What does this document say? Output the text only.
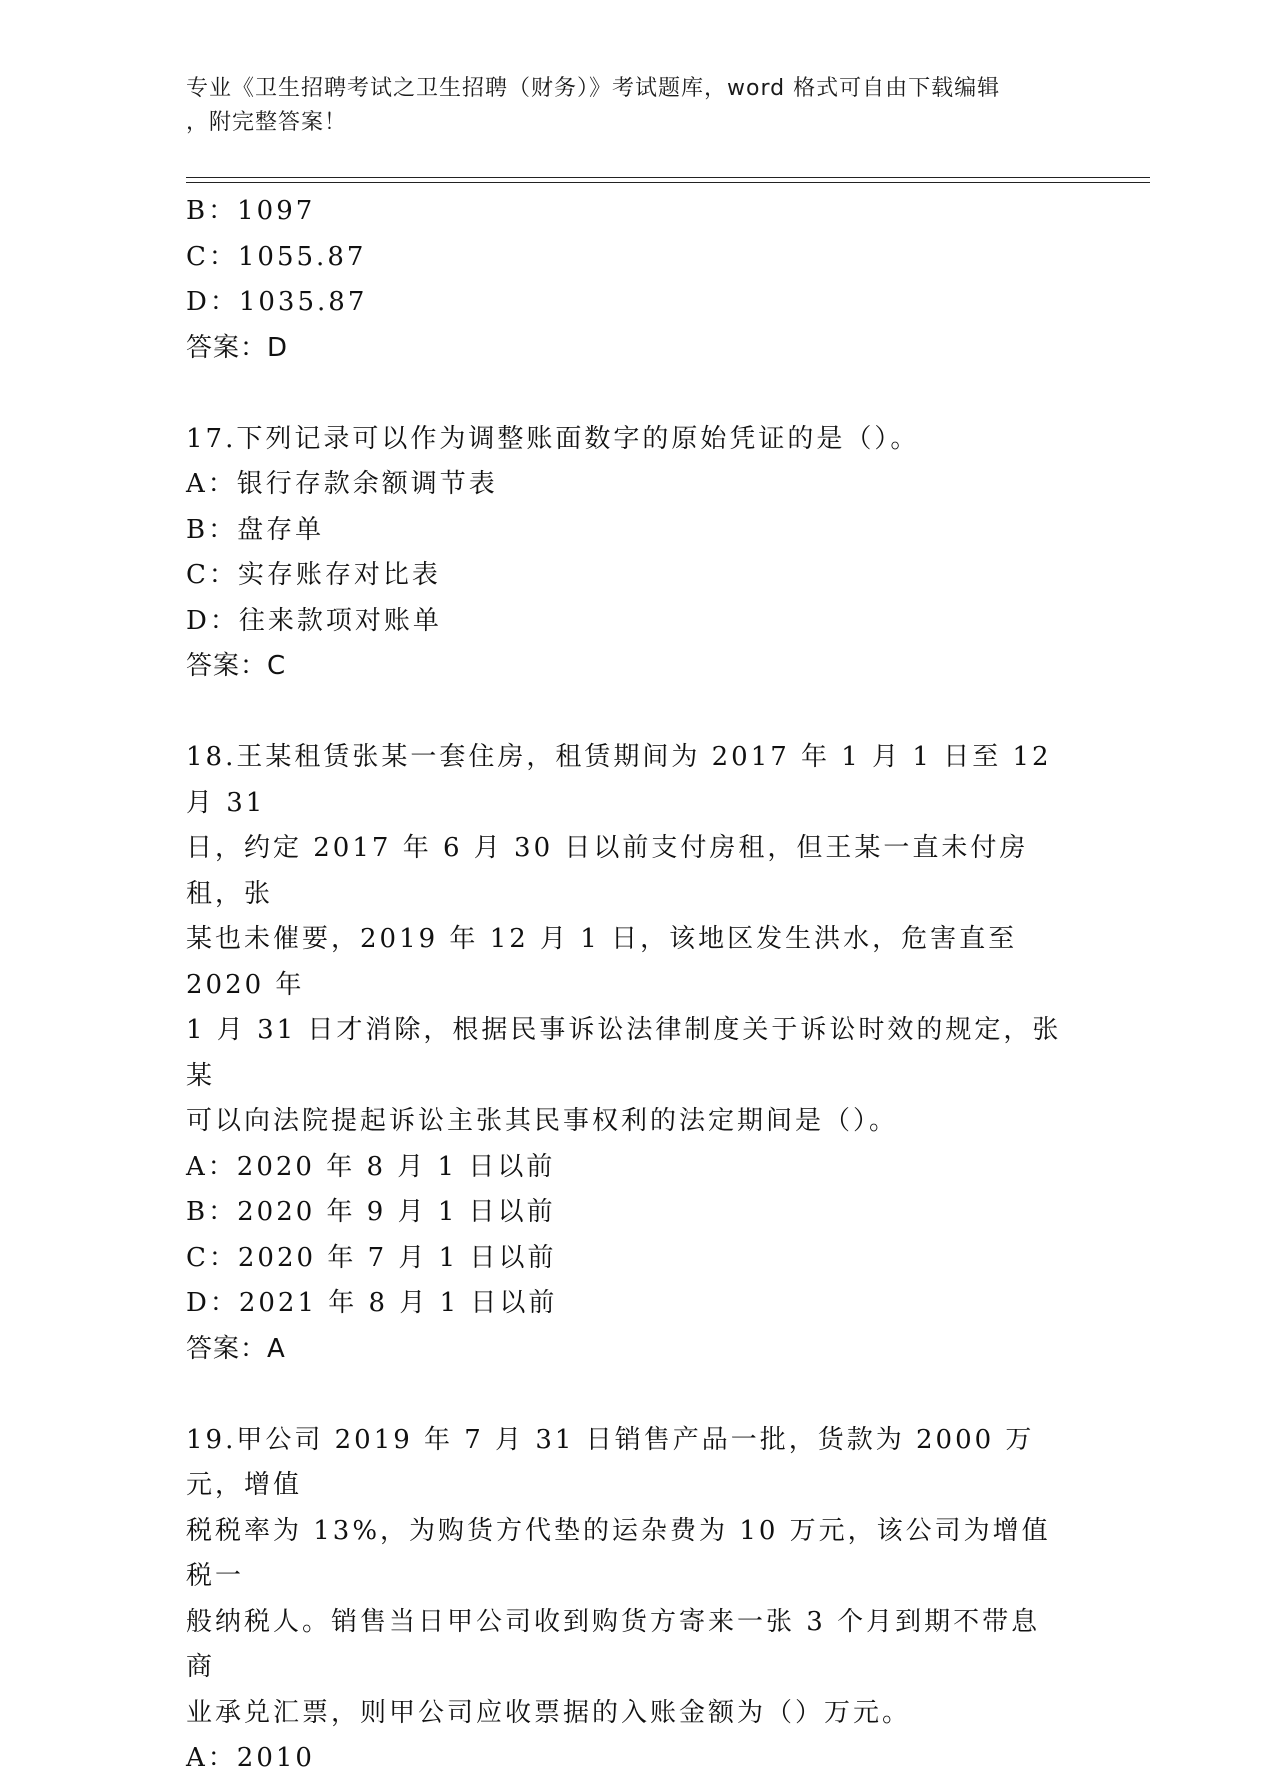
专业《卫生招聘考试之卫生招聘（财务）》考试题库，word 格式可自由下载编辑
，附完整答案！

B：1097

C：1055.87

D：1035.87

答案：D

17.下列记录可以作为调整账面数字的原始凭证的是（）。

A：银行存款余额调节表

B：盘存单

C：实存账存对比表

D：往来款项对账单

答案：C

18.王某租赁张某一套住房，租赁期间为 2017 年 1 月 1 日至 12 月 31

日，约定 2017 年 6 月 30 日以前支付房租，但王某一直未付房租，张

某也未催要，2019 年 12 月 1 日，该地区发生洪水，危害直至 2020 年

1 月 31 日才消除，根据民事诉讼法律制度关于诉讼时效的规定，张某

可以向法院提起诉讼主张其民事权利的法定期间是（）。

A：2020 年 8 月 1 日以前

B：2020 年 9 月 1 日以前

C：2020 年 7 月 1 日以前

D：2021 年 8 月 1 日以前

答案：A

19.甲公司 2019 年 7 月 31 日销售产品一批，货款为 2000 万元，增值

税税率为 13%，为购货方代垫的运杂费为 10 万元，该公司为增值税一

般纳税人。销售当日甲公司收到购货方寄来一张 3 个月到期不带息商

业承兑汇票，则甲公司应收票据的入账金额为（）万元。

A：2010
